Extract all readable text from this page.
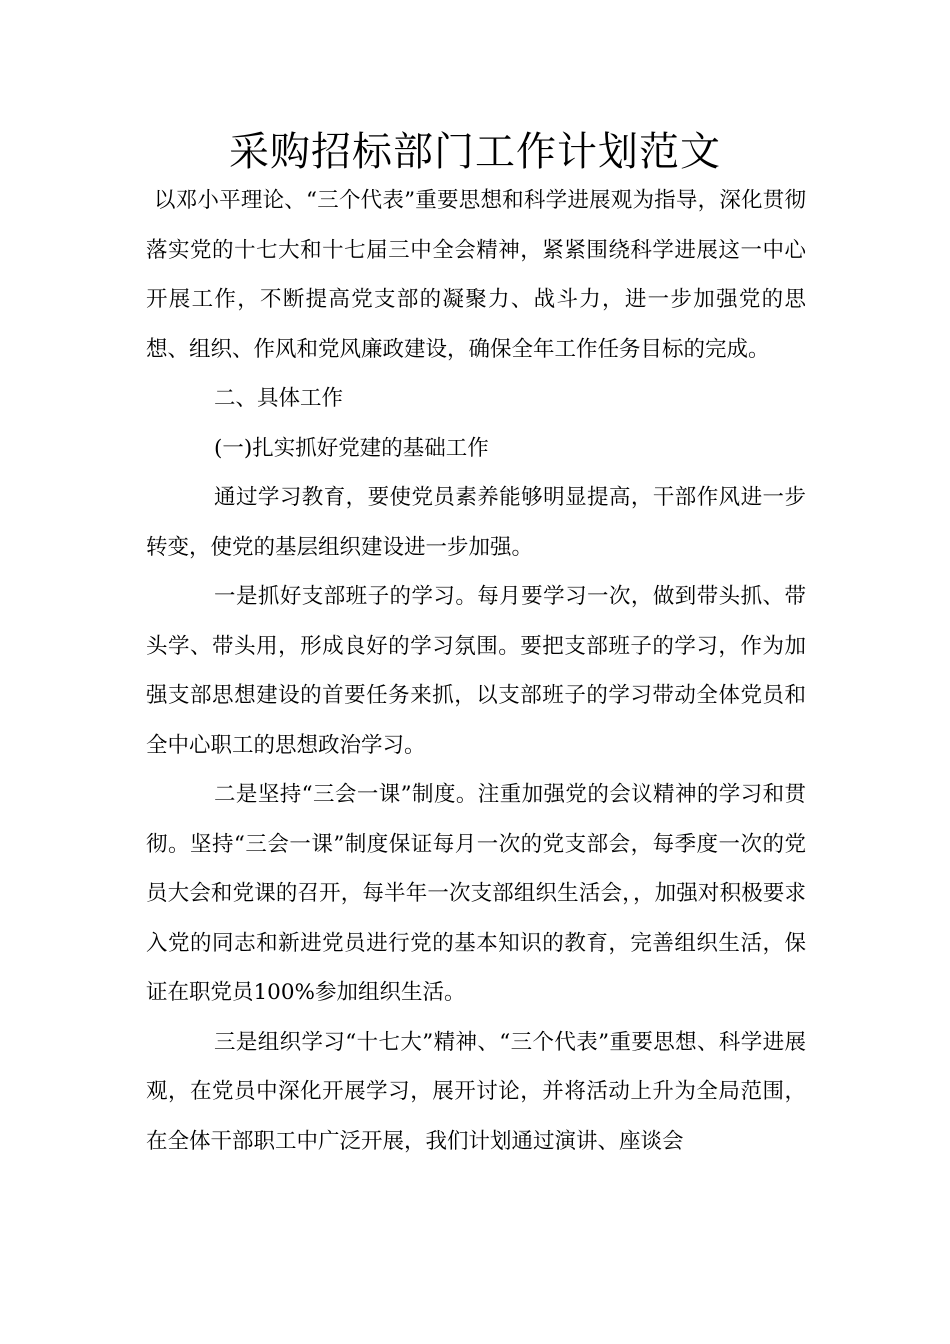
采购招标部门工作计划范文

以邓小平理论、“三个代表”重要思想和科学进展观为指导，深化贯彻落实党的十七大和十七届三中全会精神，紧紧围绕科学进展这一中心开展工作，不断提高党支部的凝聚力、战斗力，进一步加强党的思想、组织、作风和党风廉政建设，确保全年工作任务目标的完成。

二、具体工作

(一)扎实抓好党建的基础工作

通过学习教育，要使党员素养能够明显提高，干部作风进一步转变，使党的基层组织建设进一步加强。

一是抓好支部班子的学习。每月要学习一次，做到带头抓、带头学、带头用，形成良好的学习氛围。要把支部班子的学习，作为加强支部思想建设的首要任务来抓，以支部班子的学习带动全体党员和全中心职工的思想政治学习。

二是坚持“三会一课”制度。注重加强党的会议精神的学习和贯彻。坚持“三会一课”制度保证每月一次的党支部会，每季度一次的党员大会和党课的召开，每半年一次支部组织生活会，，加强对积极要求入党的同志和新进党员进行党的基本知识的教育，完善组织生活，保证在职党员100%参加组织生活。

三是组织学习“十七大”精神、“三个代表”重要思想、科学进展观，在党员中深化开展学习，展开讨论，并将活动上升为全局范围，在全体干部职工中广泛开展，我们计划通过演讲、座谈会
